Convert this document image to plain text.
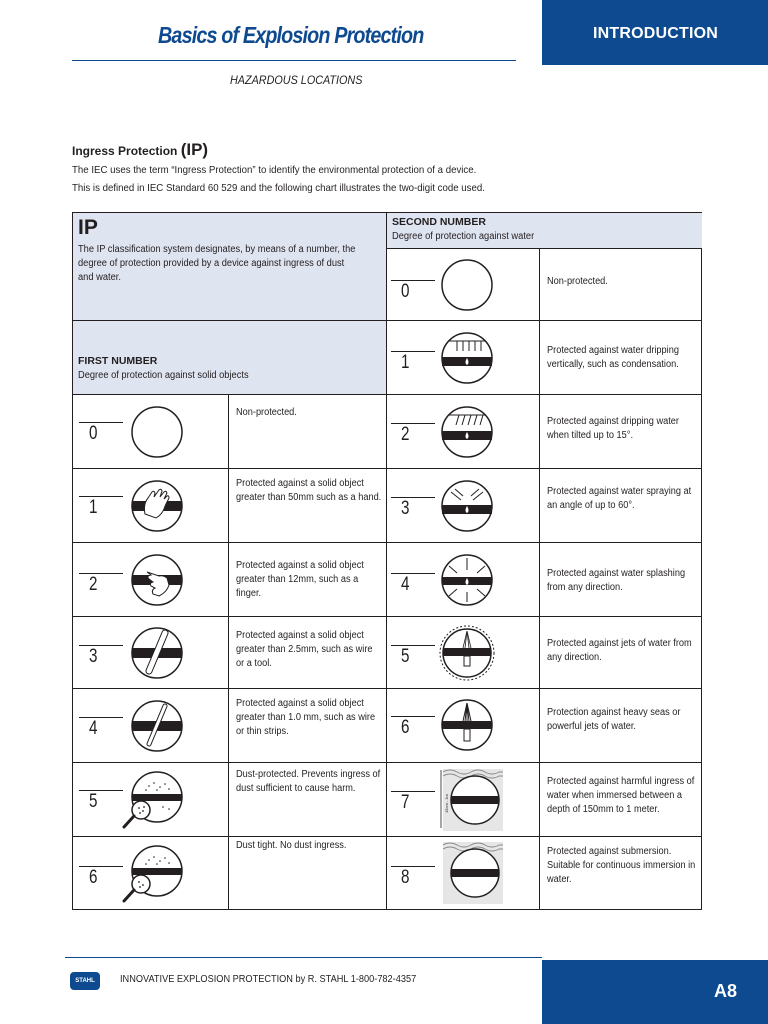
Basics of Explosion Protection
HAZARDOUS LOCATIONS
INTRODUCTION
Ingress Protection (IP)
The IEC uses the term “Ingress Protection” to identify the environmental protection of a device.
This is defined in IEC Standard 60 529 and the following chart illustrates the two-digit code used.
IP
The IP classification system designates, by means of a number, the degree of protection provided by a device against ingress of dust and water.
FIRST NUMBER
Degree of protection against solid objects
SECOND NUMBER
Degree of protection against water
0
Non-protected.
1
Protected against a solid object greater than 50mm such as a hand.
2
Protected against a solid object greater than 12mm, such as a finger.
3
Protected against a solid object greater than 2.5mm, such as wire or a tool.
4
Protected against a solid object greater than 1.0 mm, such as wire or thin strips.
5
Dust-protected. Prevents ingress of dust sufficient to cause harm.
6
Dust tight. No dust ingress.
0	Non-protected.
1
Protected against water dripping vertically, such as condensation.
2
Protected against dripping water when tilted up to 15°.
3
Protected against water spraying at an angle of up to 60°.
4
Protected against water splashing from any direction.
5
Protected against jets of water from any direction.
6
Protection against heavy seas or powerful jets of water.
7	15cm - 1m
Protected against harmful ingress of water when immersed between a depth of 150mm to 1 meter.
8
Protected against submersion. Suitable for continuous immersion in water.
STAHL	INNOVATIVE EXPLOSION PROTECTION by R. STAHL 1-800-782-4357
A8
